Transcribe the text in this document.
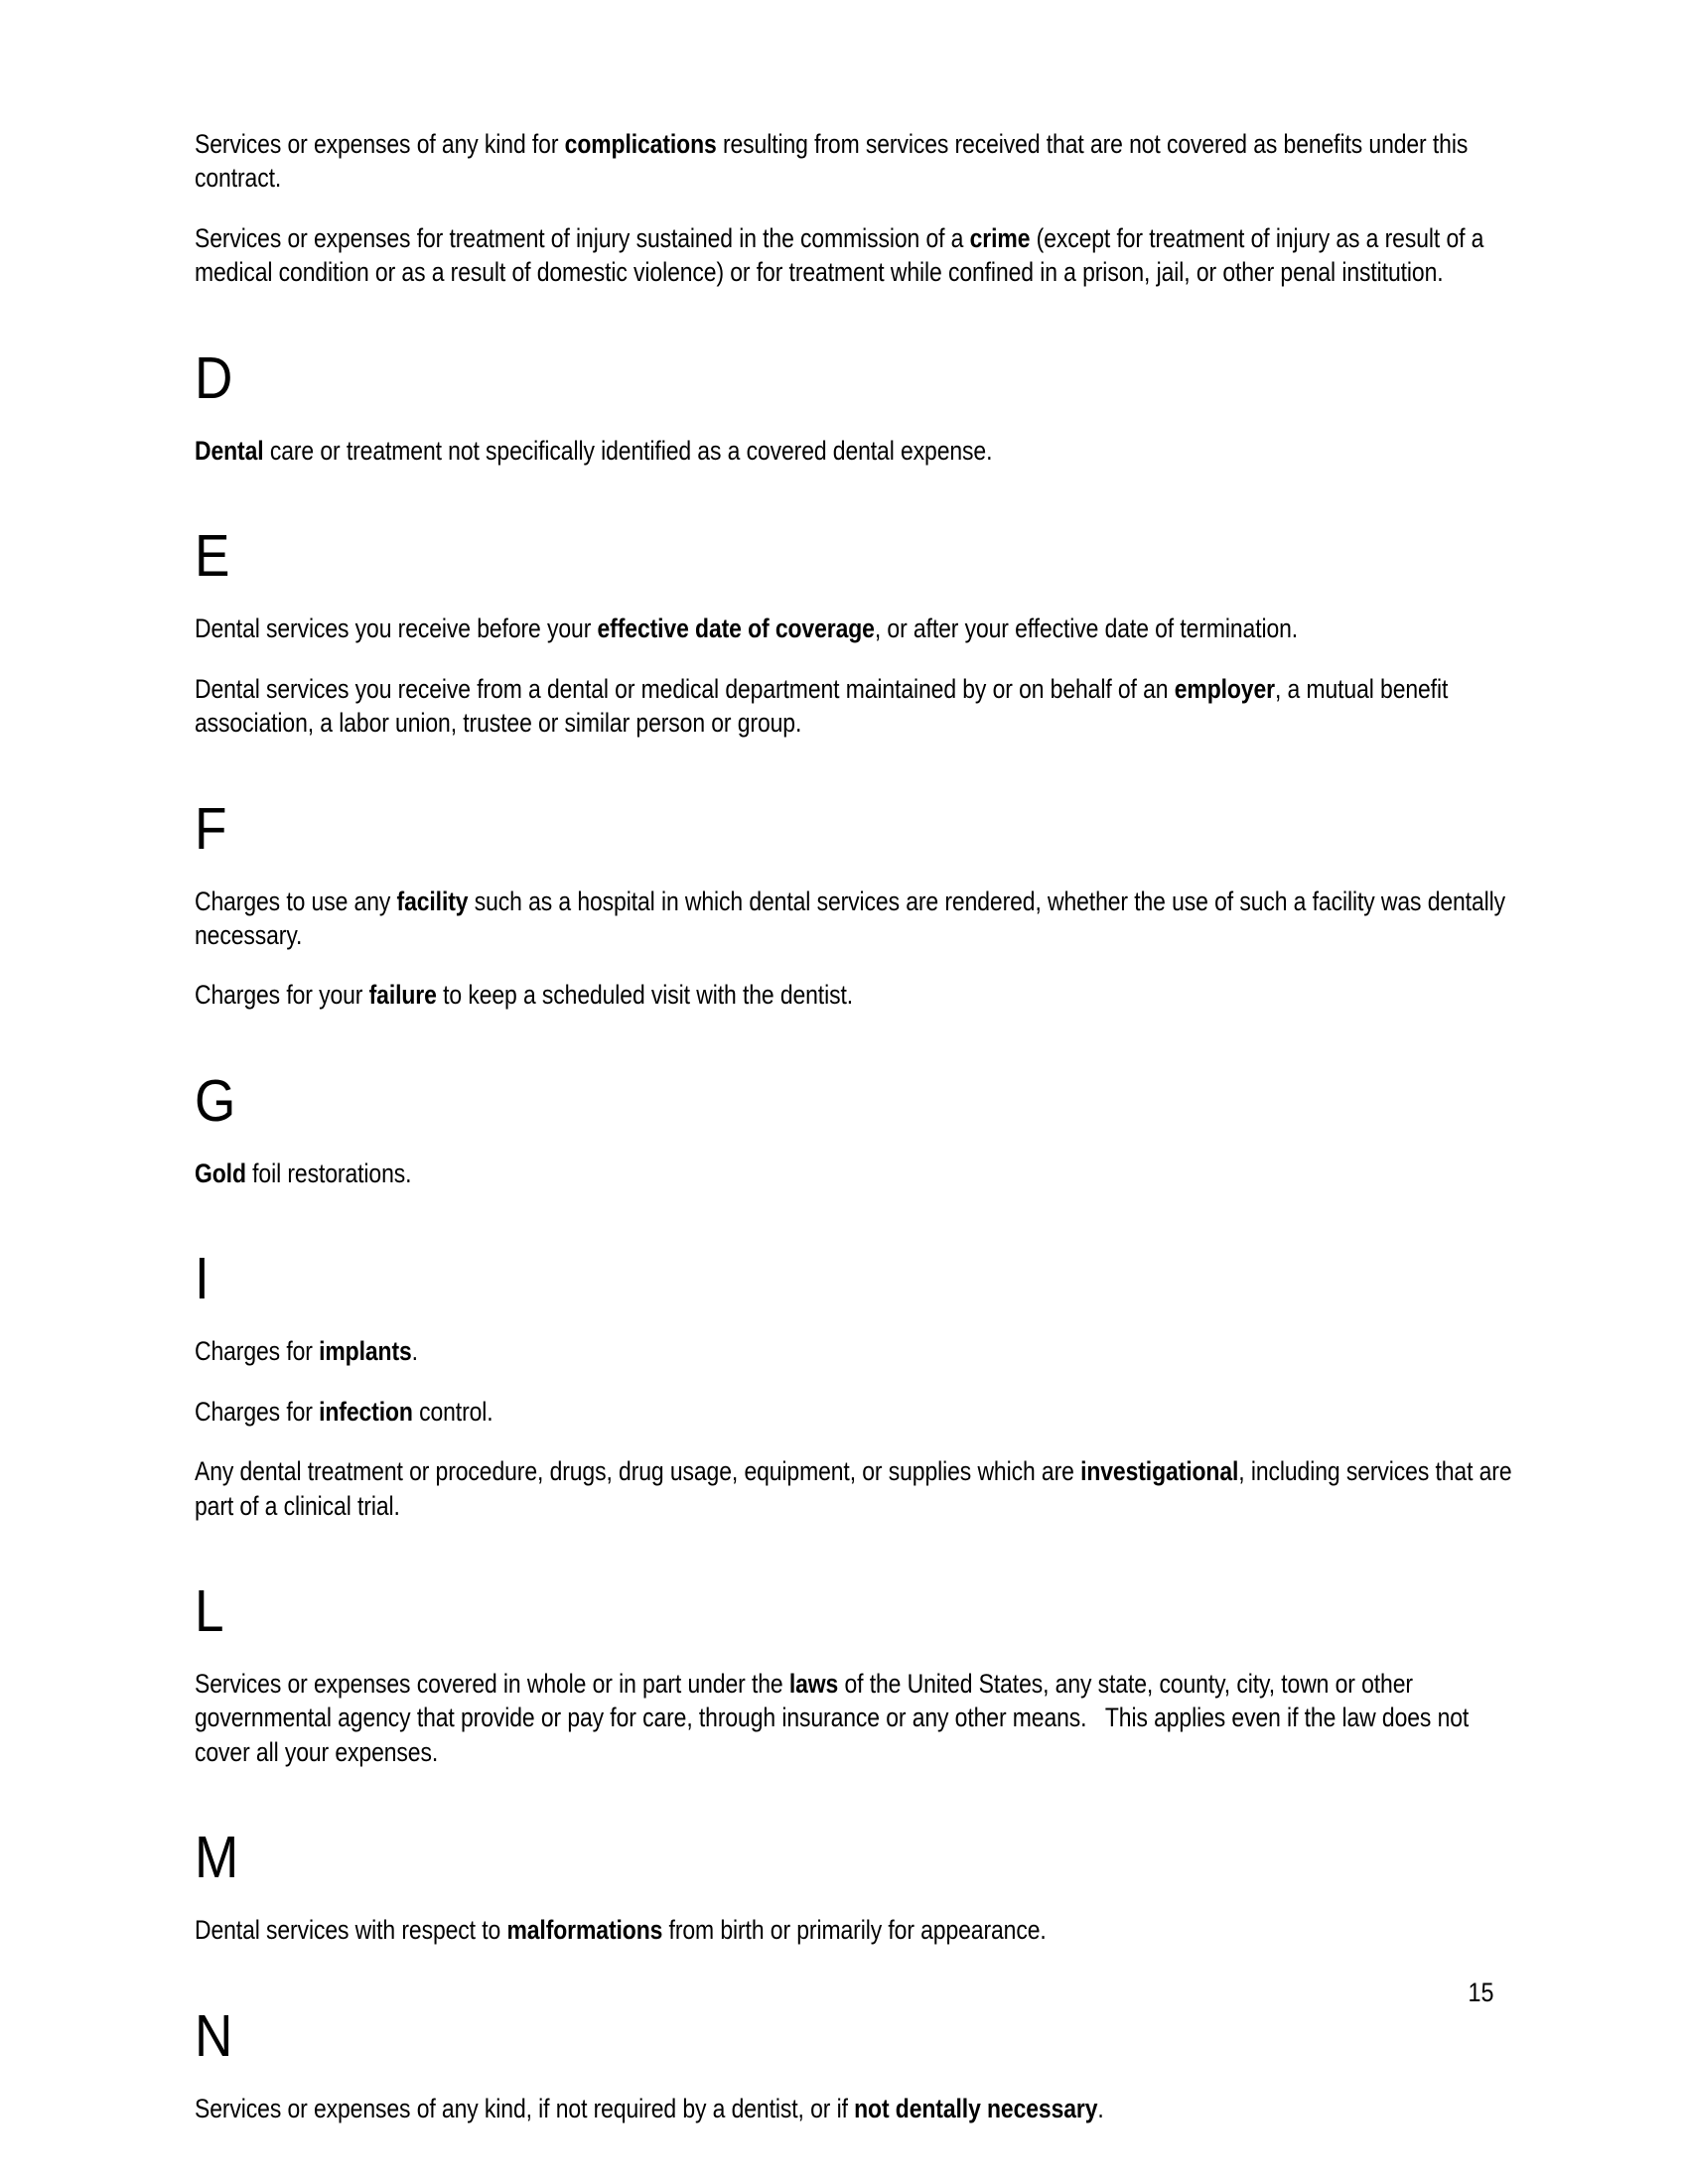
Services or expenses of any kind for complications resulting from services received that are not covered as benefits under this contract.

Services or expenses for treatment of injury sustained in the commission of a crime (except for treatment of injury as a result of a medical condition or as a result of domestic violence) or for treatment while confined in a prison, jail, or other penal institution.

D

Dental care or treatment not specifically identified as a covered dental expense.

E

Dental services you receive before your effective date of coverage, or after your effective date of termination.

Dental services you receive from a dental or medical department maintained by or on behalf of an employer, a mutual benefit association, a labor union, trustee or similar person or group.

F

Charges to use any facility such as a hospital in which dental services are rendered, whether the use of such a facility was dentally necessary.

Charges for your failure to keep a scheduled visit with the dentist.

G

Gold foil restorations.

I

Charges for implants.

Charges for infection control.

Any dental treatment or procedure, drugs, drug usage, equipment, or supplies which are investigational, including services that are part of a clinical trial.

L

Services or expenses covered in whole or in part under the laws of the United States, any state, county, city, town or other governmental agency that provide or pay for care, through insurance or any other means.   This applies even if the law does not cover all your expenses.

M

Dental services with respect to malformations from birth or primarily for appearance.

N

Services or expenses of any kind, if not required by a dentist, or if not dentally necessary.

15
